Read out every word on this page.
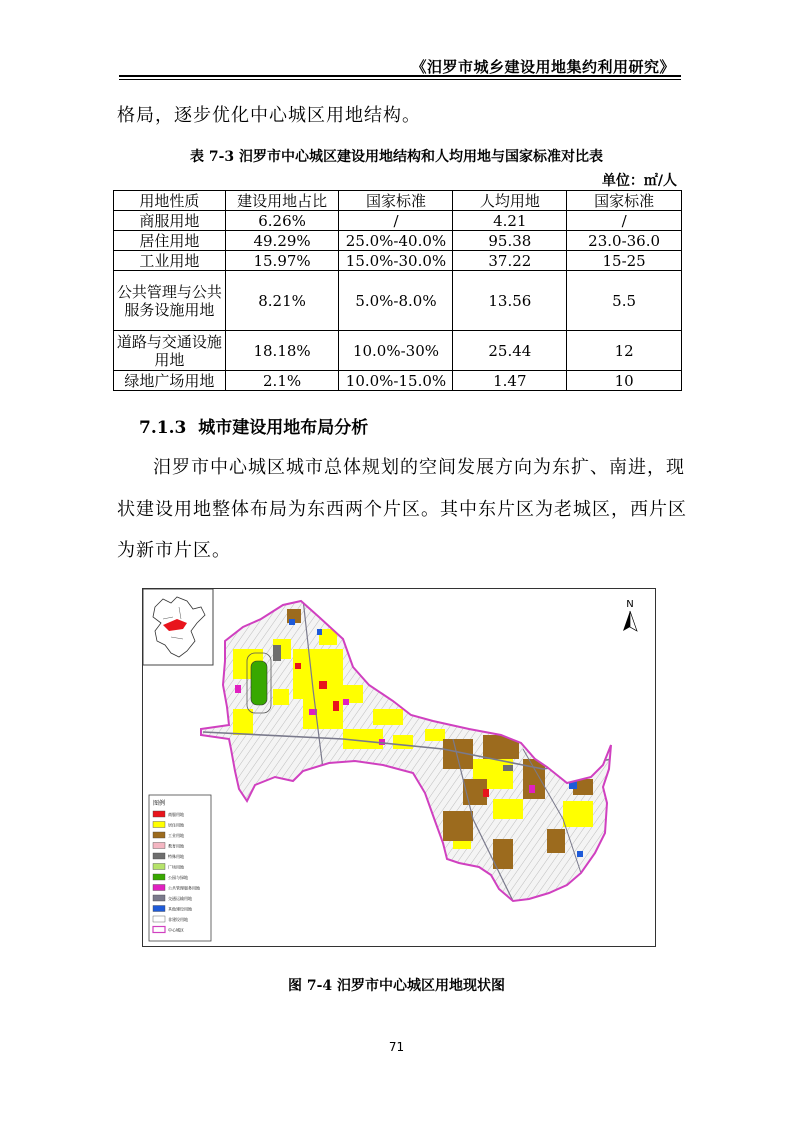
《汨罗市城乡建设用地集约利用研究》
格局，逐步优化中心城区用地结构。
表 7-3 汨罗市中心城区建设用地结构和人均用地与国家标准对比表
单位：㎡/人
用地性质	建设用地占比	国家标准	人均用地	国家标准
商服用地	6.26%	/	4.21	/
居住用地	49.29%	25.0%-40.0%	95.38	23.0-36.0
工业用地	15.97%	15.0%-30.0%	37.22	15-25
公共管理与公共服务设施用地	8.21%	5.0%-8.0%	13.56	5.5
道路与交通设施用地	18.18%	10.0%-30%	25.44	12
绿地广场用地	2.1%	10.0%-15.0%	1.47	10
7.1.3 城市建设用地布局分析
汨罗市中心城区城市总体规划的空间发展方向为东扩、南进，现
状建设用地整体布局为东西两个片区。其中东片区为老城区，西片区
为新市片区。
N
图例
商服用地
居住用地
工业用地
教育用地
特殊用地
广场用地
公园与绿地
公共管理服务用地
交通运输用地
其他建设用地
非建设用地
中心城区
图 7-4 汨罗市中心城区用地现状图
71
